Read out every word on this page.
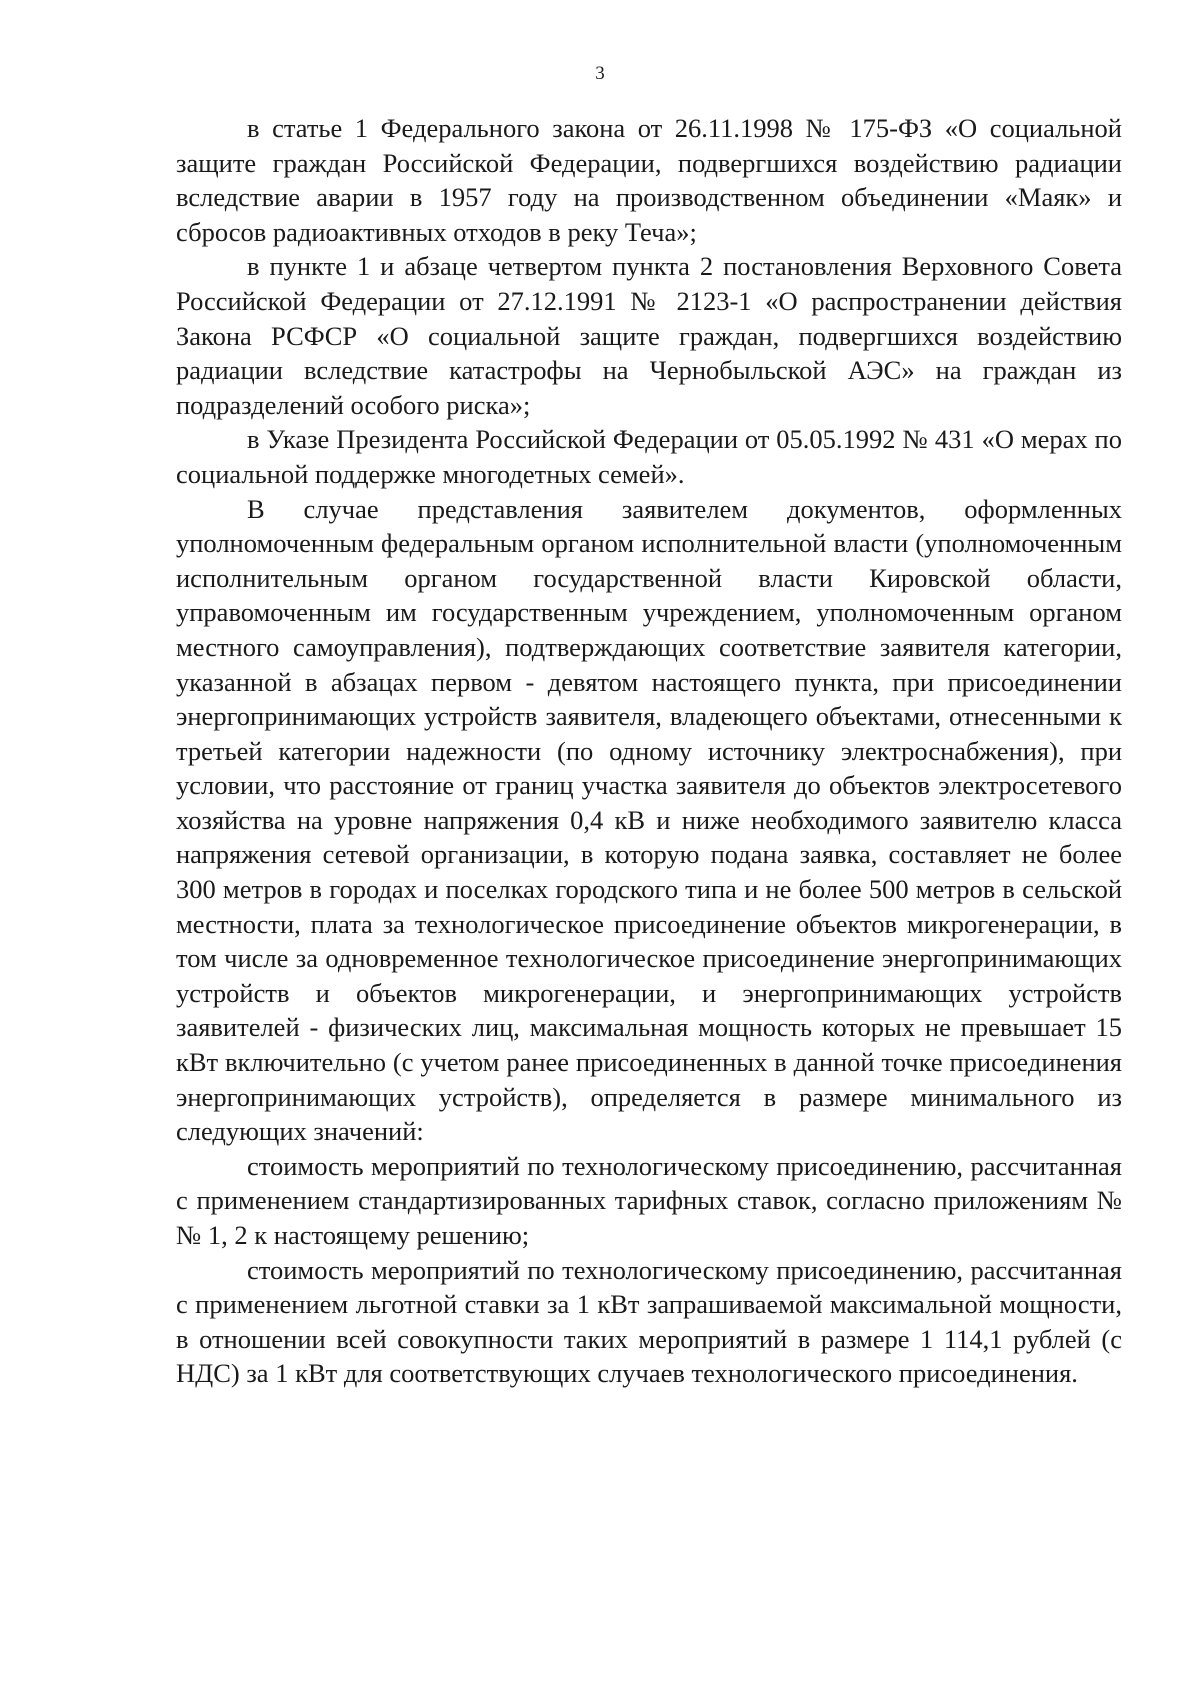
3

в статье 1 Федерального закона от 26.11.1998 № 175-ФЗ «О социальной защите граждан Российской Федерации, подвергшихся воздействию радиации вследствие аварии в 1957 году на производственном объединении «Маяк» и сбросов радиоактивных отходов в реку Теча»;

в пункте 1 и абзаце четвертом пункта 2 постановления Верховного Совета Российской Федерации от 27.12.1991 № 2123-1 «О распространении действия Закона РСФСР «О социальной защите граждан, подвергшихся воздействию радиации вследствие катастрофы на Чернобыльской АЭС» на граждан из подразделений особого риска»;

в Указе Президента Российской Федерации от 05.05.1992 № 431 «О мерах по социальной поддержке многодетных семей».

В случае представления заявителем документов, оформленных уполномоченным федеральным органом исполнительной власти (уполномоченным исполнительным органом государственной власти Кировской области, управомоченным им государственным учреждением, уполномоченным органом местного самоуправления), подтверждающих соответствие заявителя категории, указанной в абзацах первом - девятом настоящего пункта, при присоединении энергопринимающих устройств заявителя, владеющего объектами, отнесенными к третьей категории надежности (по одному источнику электроснабжения), при условии, что расстояние от границ участка заявителя до объектов электросетевого хозяйства на уровне напряжения 0,4 кВ и ниже необходимого заявителю класса напряжения сетевой организации, в которую подана заявка, составляет не более 300 метров в городах и поселках городского типа и не более 500 метров в сельской местности, плата за технологическое присоединение объектов микрогенерации, в том числе за одновременное технологическое присоединение энергопринимающих устройств и объектов микрогенерации, и энергопринимающих устройств заявителей - физических лиц, максимальная мощность которых не превышает 15 кВт включительно (с учетом ранее присоединенных в данной точке присоединения энергопринимающих устройств), определяется в размере минимального из следующих значений:

стоимость мероприятий по технологическому присоединению, рассчитанная с применением стандартизированных тарифных ставок, согласно приложениям №№ 1, 2 к настоящему решению;

стоимость мероприятий по технологическому присоединению, рассчитанная с применением льготной ставки за 1 кВт запрашиваемой максимальной мощности, в отношении всей совокупности таких мероприятий в размере 1 114,1 рублей (с НДС) за 1 кВт для соответствующих случаев технологического присоединения.
